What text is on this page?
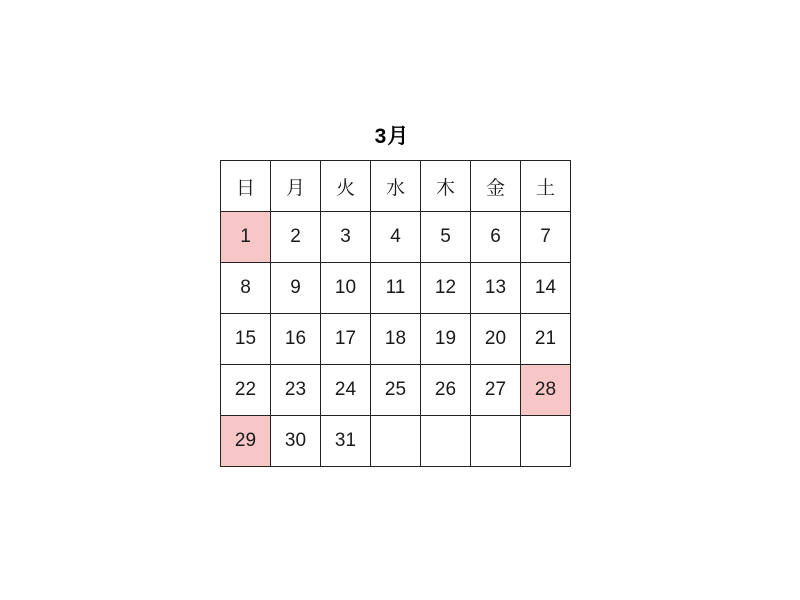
3月
日	月	火	水	木	金	土
1	2	3	4	5	6	7
8	9	10	11	12	13	14
15	16	17	18	19	20	21
22	23	24	25	26	27	28
29	30	31				
